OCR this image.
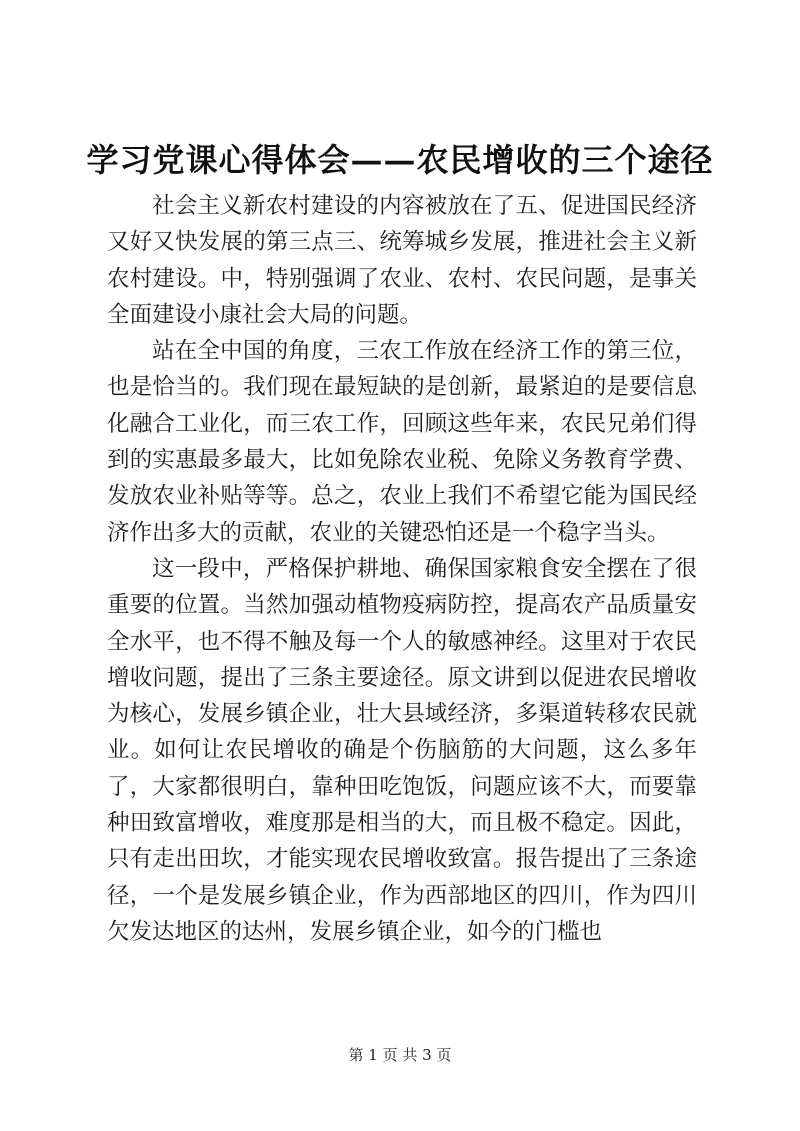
学习党课心得体会——农民增收的三个途径

社会主义新农村建设的内容被放在了五、促进国民经济又好又快发展的第三点三、统筹城乡发展，推进社会主义新农村建设。中，特别强调了农业、农村、农民问题，是事关全面建设小康社会大局的问题。

站在全中国的角度，三农工作放在经济工作的第三位，也是恰当的。我们现在最短缺的是创新，最紧迫的是要信息化融合工业化，而三农工作，回顾这些年来，农民兄弟们得到的实惠最多最大，比如免除农业税、免除义务教育学费、发放农业补贴等等。总之，农业上我们不希望它能为国民经济作出多大的贡献，农业的关键恐怕还是一个稳字当头。

这一段中，严格保护耕地、确保国家粮食安全摆在了很重要的位置。当然加强动植物疫病防控，提高农产品质量安全水平，也不得不触及每一个人的敏感神经。这里对于农民增收问题，提出了三条主要途径。原文讲到以促进农民增收为核心，发展乡镇企业，壮大县域经济，多渠道转移农民就业。如何让农民增收的确是个伤脑筋的大问题，这么多年了，大家都很明白，靠种田吃饱饭，问题应该不大，而要靠种田致富增收，难度那是相当的大，而且极不稳定。因此，只有走出田坎，才能实现农民增收致富。报告提出了三条途径，一个是发展乡镇企业，作为西部地区的四川，作为四川欠发达地区的达州，发展乡镇企业，如今的门槛也

第 1 页 共 3 页
